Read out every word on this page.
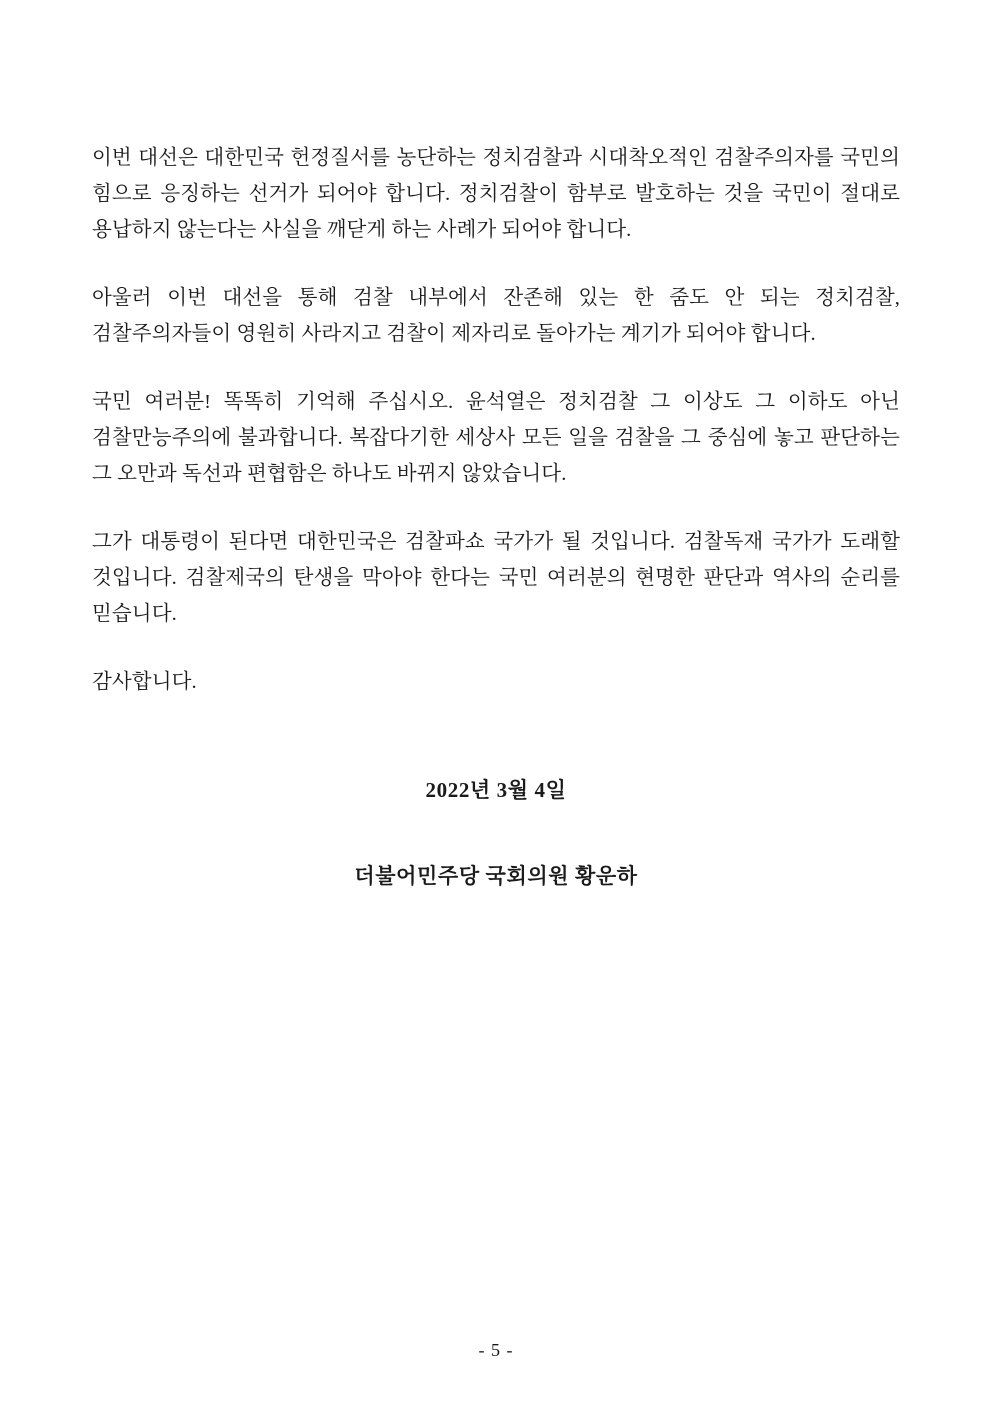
이번 대선은 대한민국 헌정질서를 농단하는 정치검찰과 시대착오적인 검찰주의자를 국민의 힘으로 응징하는 선거가 되어야 합니다. 정치검찰이 함부로 발호하는 것을 국민이 절대로 용납하지 않는다는 사실을 깨닫게 하는 사례가 되어야 합니다.

아울러 이번 대선을 통해 검찰 내부에서 잔존해 있는 한 줌도 안 되는 정치검찰, 검찰주의자들이 영원히 사라지고 검찰이 제자리로 돌아가는 계기가 되어야 합니다.

국민 여러분! 똑똑히 기억해 주십시오. 윤석열은 정치검찰 그 이상도 그 이하도 아닌 검찰만능주의에 불과합니다. 복잡다기한 세상사 모든 일을 검찰을 그 중심에 놓고 판단하는 그 오만과 독선과 편협함은 하나도 바뀌지 않았습니다.

그가 대통령이 된다면 대한민국은 검찰파쇼 국가가 될 것입니다. 검찰독재 국가가 도래할 것입니다. 검찰제국의 탄생을 막아야 한다는 국민 여러분의 현명한 판단과 역사의 순리를 믿습니다.

감사합니다.

2022년 3월 4일

더불어민주당 국회의원 황운하

- 5 -
